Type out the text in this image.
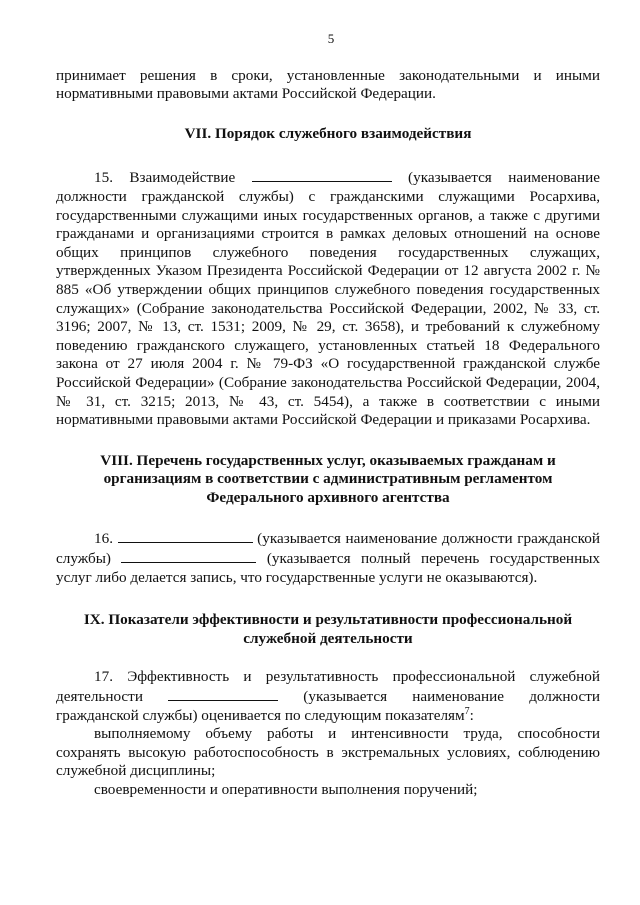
5

принимает решения в сроки, установленные законодательными и иными нормативными правовыми актами Российской Федерации.

VII. Порядок служебного взаимодействия

15. Взаимодействие	(указывается наименование должности гражданской службы) с гражданскими служащими Росархива, государственными служащими иных государственных органов, а также с другими гражданами и организациями строится в рамках деловых отношений на основе общих принципов служебного поведения государственных служащих, утвержденных Указом Президента Российской Федерации от 12 августа 2002 г. № 885 «Об утверждении общих принципов служебного поведения государственных служащих» (Собрание законодательства Российской Федерации, 2002, № 33, ст. 3196; 2007, № 13, ст. 1531; 2009, № 29, ст. 3658), и требований к служебному поведению гражданского служащего, установленных статьей 18 Федерального закона от 27 июля 2004 г. № 79-ФЗ «О государственной гражданской службе Российской Федерации» (Собрание законодательства Российской Федерации, 2004, № 31, ст. 3215; 2013, № 43, ст. 5454), а также в соответствии с иными нормативными правовыми актами Российской Федерации и приказами Росархива.

VIII. Перечень государственных услуг, оказываемых гражданам и организациям в соответствии с административным регламентом Федерального архивного агентства

16.	(указывается наименование должности гражданской службы)	(указывается полный перечень государственных услуг либо делается запись, что государственные услуги не оказываются).

IX. Показатели эффективности и результативности профессиональной служебной деятельности

17. Эффективность и результативность профессиональной служебной деятельности	(указывается наименование должности гражданской службы) оценивается по следующим показателям$^7$:

выполняемому объему работы и интенсивности труда, способности сохранять высокую работоспособность в экстремальных условиях, соблюдению служебной дисциплины;

своевременности и оперативности выполнения поручений;
